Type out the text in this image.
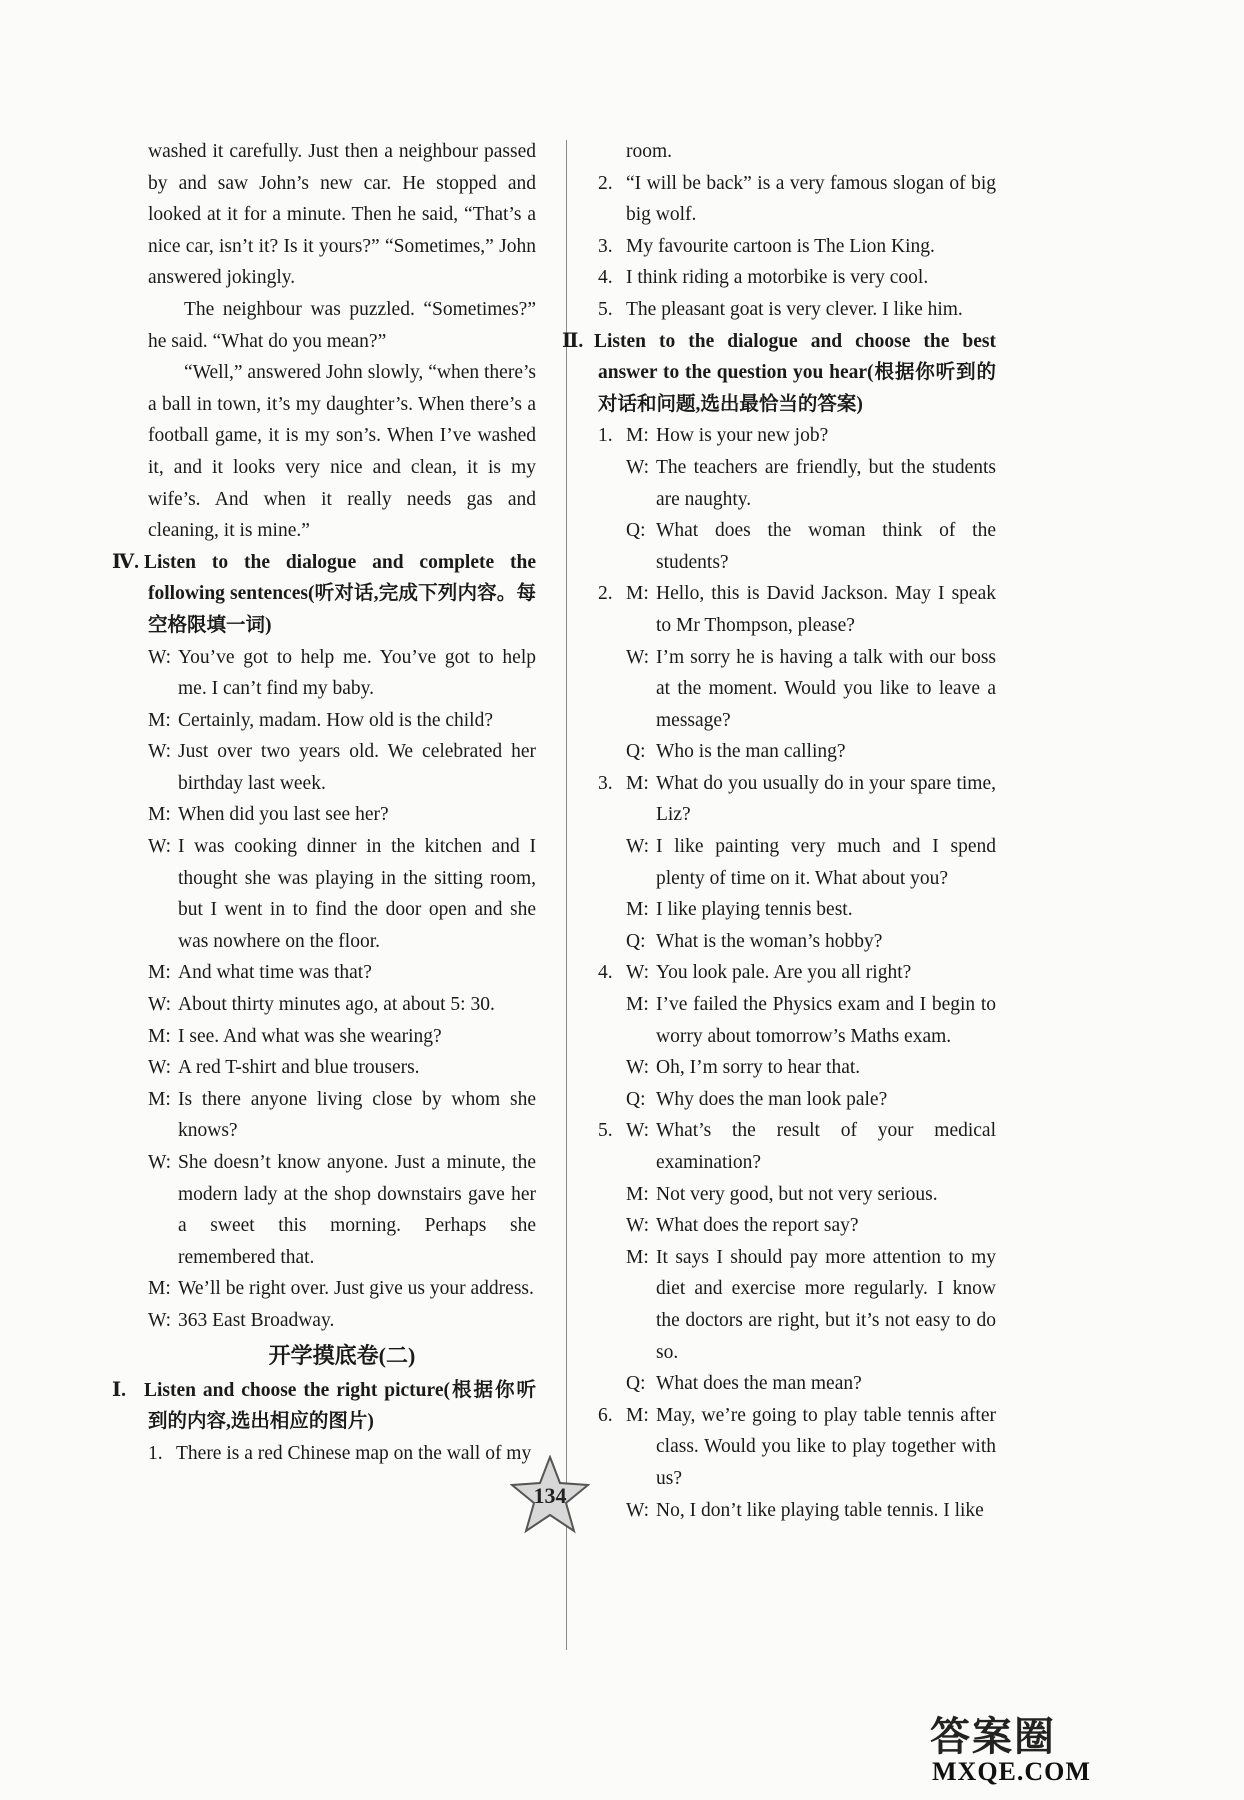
washed it carefully. Just then a neighbour passed by and saw John’s new car. He stopped and looked at it for a minute. Then he said, “That’s a nice car, isn’t it? Is it yours?” “Sometimes,” John answered jokingly.

The neighbour was puzzled. “Sometimes?” he said. “What do you mean?”

“Well,” answered John slowly, “when there’s a ball in town, it’s my daughter’s. When there’s a football game, it is my son’s. When I’ve washed it, and it looks very nice and clean, it is my wife’s. And when it really needs gas and cleaning, it is mine.”

Ⅳ. Listen to the dialogue and complete the following sentences(听对话,完成下列内容。每空格限填一词)

W: You’ve got to help me. You’ve got to help me. I can’t find my baby.
M: Certainly, madam. How old is the child?
W: Just over two years old. We celebrated her birthday last week.
M: When did you last see her?
W: I was cooking dinner in the kitchen and I thought she was playing in the sitting room, but I went in to find the door open and she was nowhere on the floor.
M: And what time was that?
W: About thirty minutes ago, at about 5: 30.
M: I see. And what was she wearing?
W: A red T-shirt and blue trousers.
M: Is there anyone living close by whom she knows?
W: She doesn’t know anyone. Just a minute, the modern lady at the shop downstairs gave her a sweet this morning. Perhaps she remembered that.
M: We’ll be right over. Just give us your address.
W: 363 East Broadway.
开学摸底卷(二)

Ⅰ. Listen and choose the right picture(根据你听到的内容,选出相应的图片)

1. There is a red Chinese map on the wall of my
room.
2. “I will be back” is a very famous slogan of big big wolf.
3. My favourite cartoon is The Lion King.
4. I think riding a motorbike is very cool.
5. The pleasant goat is very clever. I like him.

Ⅱ. Listen to the dialogue and choose the best answer to the question you hear(根据你听到的对话和问题,选出最恰当的答案)

1. M: How is your new job?
W: The teachers are friendly, but the students are naughty.
Q: What does the woman think of the students?
2. M: Hello, this is David Jackson. May I speak to Mr Thompson, please?
W: I’m sorry he is having a talk with our boss at the moment. Would you like to leave a message?
Q: Who is the man calling?
3. M: What do you usually do in your spare time, Liz?
W: I like painting very much and I spend plenty of time on it. What about you?
M: I like playing tennis best.
Q: What is the woman’s hobby?
4. W: You look pale. Are you all right?
M: I’ve failed the Physics exam and I begin to worry about tomorrow’s Maths exam.
W: Oh, I’m sorry to hear that.
Q: Why does the man look pale?
5. W: What’s the result of your medical examination?
M: Not very good, but not very serious.
W: What does the report say?
M: It says I should pay more attention to my diet and exercise more regularly. I know the doctors are right, but it’s not easy to do so.
Q: What does the man mean?
6. M: May, we’re going to play table tennis after class. Would you like to play together with us?
W: No, I don’t like playing table tennis. I like
134
答案圈
MXQE.COM
